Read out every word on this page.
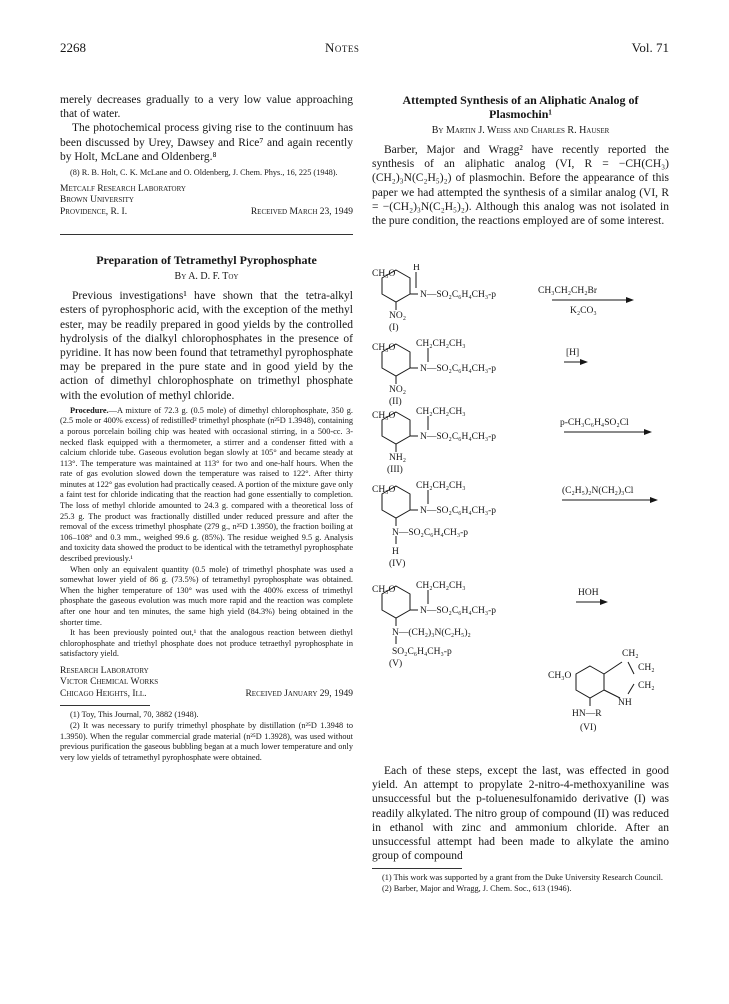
2268	Notes	Vol. 71

merely decreases gradually to a very low value approaching that of water.

The photochemical process giving rise to the continuum has been discussed by Urey, Dawsey and Rice⁷ and again recently by Holt, McLane and Oldenberg.⁸

(8) R. B. Holt, C. K. McLane and O. Oldenberg, J. Chem. Phys., 16, 225 (1948).

Metcalf Research Laboratory

Brown University

Providence, R. I.	Received March 23, 1949

Preparation of Tetramethyl Pyrophosphate

By A. D. F. Toy

Previous investigations¹ have shown that the tetra-alkyl esters of pyrophosphoric acid, with the exception of the methyl ester, may be readily prepared in good yields by the controlled hydrolysis of the dialkyl chlorophosphates in the presence of pyridine. It has now been found that tetramethyl pyrophosphate may be prepared in the pure state and in good yield by the action of dimethyl chlorophosphate on trimethyl phosphate with the evolution of methyl chloride.

Procedure.—A mixture of 72.3 g. (0.5 mole) of dimethyl chlorophosphate, 350 g. (2.5 mole or 400% excess) of redistilled² trimethyl phosphate (n²⁵D 1.3948), containing a porous porcelain boiling chip was heated with occasional stirring, in a 500-cc. 3-necked flask equipped with a thermometer, a stirrer and a condenser fitted with a calcium chloride tube. Gaseous evolution began slowly at 105° and became steady at 113°. The temperature was maintained at 113° for two and one-half hours. When the rate of gas evolution slowed down the temperature was raised to 122°. After thirty minutes at 122° gas evolution had practically ceased. A portion of the mixture gave only a faint test for chloride indicating that the reaction had gone essentially to completion. The loss of methyl chloride amounted to 24.3 g. compared with a theoretical loss of 25.3 g. The product was fractionally distilled under reduced pressure and after the removal of the excess trimethyl phosphate (279 g., n²⁵D 1.3950), the fraction boiling at 106–108° and 0.3 mm., weighed 99.6 g. (85%). The residue weighed 9.5 g. Analysis and toxicity data showed the product to be identical with the tetramethyl pyrophosphate described previously.¹

When only an equivalent quantity (0.5 mole) of trimethyl phosphate was used a somewhat lower yield of 86 g. (73.5%) of tetramethyl pyrophosphate was obtained. When the higher temperature of 130° was used with the 400% excess of trimethyl phosphate the gaseous evolution was much more rapid and the reaction was complete after one hour and ten minutes, the same high yield (84.3%) being obtained in the shorter time.

It has been previously pointed out,¹ that the analogous reaction between diethyl chlorophosphate and triethyl phosphate does not produce tetraethyl pyrophosphate in satisfactory yield.

Research Laboratory

Victor Chemical Works

Chicago Heights, Ill.	Received January 29, 1949

(1) Toy, This Journal, 70, 3882 (1948).

(2) It was necessary to purify trimethyl phosphate by distillation (n²⁵D 1.3948 to 1.3950). When the regular commercial grade material (n²⁵D 1.3928), was used without previous purification the gaseous bubbling began at a much lower temperature and only very low yields of tetramethyl pyrophosphate were obtained.

Attempted Synthesis of an Aliphatic Analog of Plasmochin¹

By Martin J. Weiss and Charles R. Hauser

Barber, Major and Wragg² have recently reported the synthesis of an aliphatic analog (VI, R = −CH(CH₃)(CH₂)₃N(C₂H₅)₂) of plasmochin. Before the appearance of this paper we had attempted the synthesis of a similar analog (VI, R = −(CH₂)₃N(C₂H₅)₂). Although this analog was not isolated in the pure condition, the reactions employed are of some interest.

CH₃O
H
N—SO₂C₆H₄CH₃-p
NO₂
(I)
CH₃CH₂CH₂Br
K₂CO₃
CH₃O CH₂CH₂CH₃
N—SO₂C₆H₄CH₃-p
NO₂
(II)
[H]
CH₃O CH₂CH₂CH₃
N—SO₂C₆H₄CH₃-p
NH₂
(III)
p-CH₃C₆H₄SO₂Cl
CH₃O CH₂CH₂CH₃
N—SO₂C₆H₄CH₃-p
N—SO₂C₆H₄CH₃-p
H
(IV)
(C₂H₅)₂N(CH₂)₃Cl
CH₃O CH₂CH₂CH₃
N—SO₂C₆H₄CH₃-p
N—(CH₂)₃N(C₂H₅)₂
SO₂C₆H₄CH₃-p
(V)
HOH
CH₂
CH₃O
CH₂
CH₂
NH
HN—R
(VI)

Each of these steps, except the last, was effected in good yield. An attempt to propylate 2-nitro-4-methoxyaniline was unsuccessful but the p-toluenesulfonamido derivative (I) was readily alkylated. The nitro group of compound (II) was reduced in ethanol with zinc and ammonium chloride. After an unsuccessful attempt had been made to alkylate the amino group of compound

(1) This work was supported by a grant from the Duke University Research Council.

(2) Barber, Major and Wragg, J. Chem. Soc., 613 (1946).
